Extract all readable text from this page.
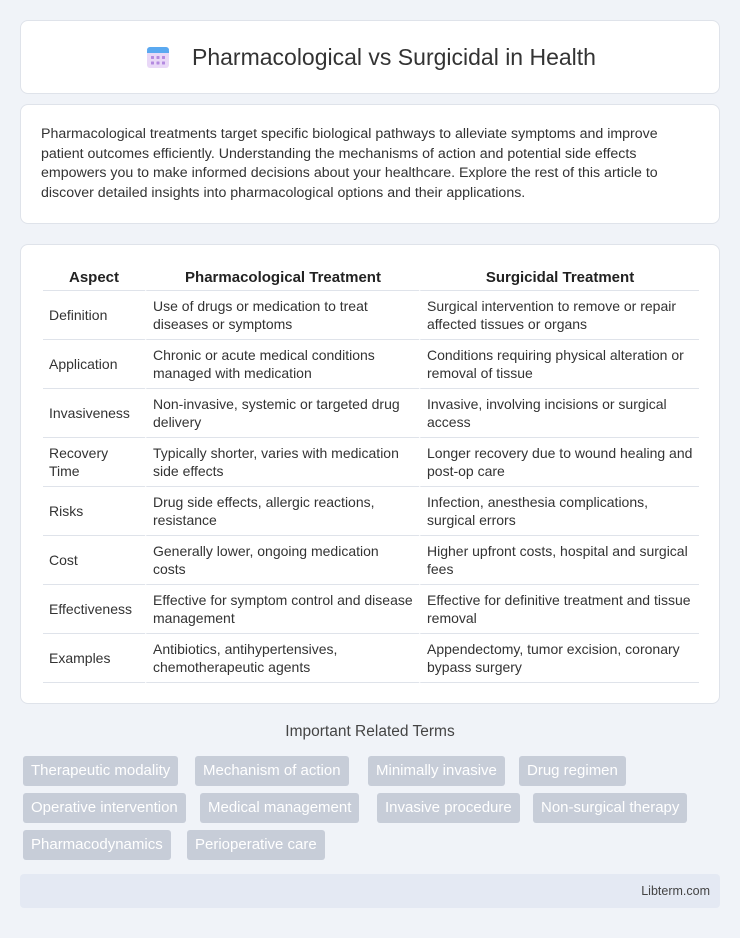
Pharmacological vs Surgicidal in Health

Pharmacological treatments target specific biological pathways to alleviate symptoms and improve patient outcomes efficiently. Understanding the mechanisms of action and potential side effects empowers you to make informed decisions about your healthcare. Explore the rest of this article to discover detailed insights into pharmacological options and their applications.

Aspect	Pharmacological Treatment	Surgicidal Treatment
Definition	Use of drugs or medication to treat diseases or symptoms	Surgical intervention to remove or repair affected tissues or organs
Application	Chronic or acute medical conditions managed with medication	Conditions requiring physical alteration or removal of tissue
Invasiveness	Non-invasive, systemic or targeted drug delivery	Invasive, involving incisions or surgical access
Recovery Time	Typically shorter, varies with medication side effects	Longer recovery due to wound healing and post-op care
Risks	Drug side effects, allergic reactions, resistance	Infection, anesthesia complications, surgical errors
Cost	Generally lower, ongoing medication costs	Higher upfront costs, hospital and surgical fees
Effectiveness	Effective for symptom control and disease management	Effective for definitive treatment and tissue removal
Examples	Antibiotics, antihypertensives, chemotherapeutic agents	Appendectomy, tumor excision, coronary bypass surgery
Important Related Terms
Therapeutic modality	Mechanism of action	Minimally invasive	Drug regimen
Operative intervention	Medical management	Invasive procedure	Non-surgical therapy
Pharmacodynamics	Perioperative care
Libterm.com
